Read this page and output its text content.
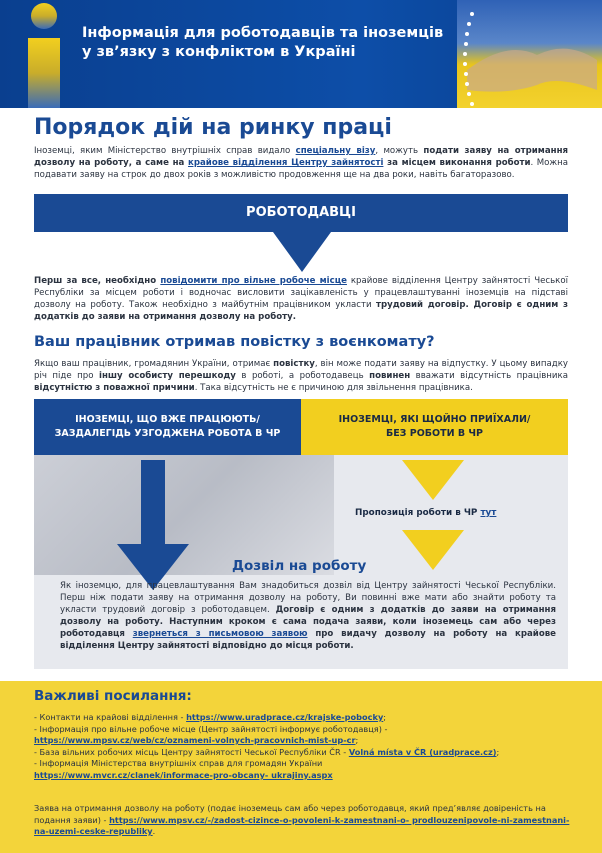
Інформація для роботодавців та іноземців
у зв’язку з конфліктом в Україні
Порядок дій на ринку праці

Іноземці, яким Міністерство внутрішніх справ видало спеціальну візу, можуть подати заяву на отримання дозволу на роботу, а саме на крайове відділення Центру зайнятості за місцем виконання роботи. Можна подавати заяву на строк до двох років з можливістю продовження ще на два роки, навіть багаторазово.

РОБОТОДАВЦІ

Перш за все, необхідно повідомити про вільне робоче місце крайове відділення Центру зайнятості Чеської Республіки за місцем роботи і водночас висловити зацікавленість у працевлаштуванні іноземців на підставі дозволу на роботу. Також необхідно з майбутнім працівником укласти трудовий договір. Договір є одним з додатків до заяви на отримання дозволу на роботу.

Ваш працівник отримав повістку з воєнкомату?

Якщо ваш працівник, громадянин України, отримає повістку, він може подати заяву на відпустку. У цьому випадку річ піде про іншу особисту перешкоду в роботі, а роботодавець повинен вважати відсутність працівника відсутністю з поважної причини. Така відсутність не є причиною для звільнення працівника.

ІНОЗЕМЦІ, ЩО ВЖЕ ПРАЦЮЮТЬ/
ЗАЗДАЛЕГІДЬ УЗГОДЖЕНА РОБОТА В ЧР
ІНОЗЕМЦІ, ЯКІ ЩОЙНО ПРИЇХАЛИ/
БЕЗ РОБОТИ В ЧР
Пропозиція роботи в ЧР тут
Дозвіл на роботу

Як іноземцю, для працевлаштування Вам знадобиться дозвіл від Центру зайнятості Чеської Республіки. Перш ніж подати заяву на отримання дозволу на роботу, Ви повинні вже мати або знайти роботу та укласти трудовий договір з роботодавцем. Договір є одним з додатків до заяви на отримання дозволу на роботу. Наступним кроком є сама подача заяви, коли іноземець сам або через роботодавця звернеться з письмовою заявою про видачу дозволу на роботу на крайове відділення Центру зайнятості відповідно до місця роботи.

Важливі посилання:
- Контакти на крайові відділення - https://www.uradprace.cz/krajske-pobocky;
- Інформація про вільне робоче місце (Центр зайнятості інформує роботодавця) -
https://www.mpsv.cz/web/cz/oznameni-volnych-pracovnich-mist-up-cr;
- База вільних робочих місць Центру зайнятості Чеської Республіки ČR - Volná místa v ČR (uradprace.cz);
- Інформація Міністерства внутрішніх справ для громадян України
https://www.mvcr.cz/clanek/informace-pro-obcany- ukrajiny.aspx
Заява на отримання дозволу на роботу (подає іноземець сам або через роботодавця, який пред’являє довіреність на подання заяви) - https://www.mpsv.cz/-/zadost-cizince-o-povoleni-k-zamestnani-o- prodlouzenipovole-ni-zamestnani-na-uzemi-ceske-republiky.
